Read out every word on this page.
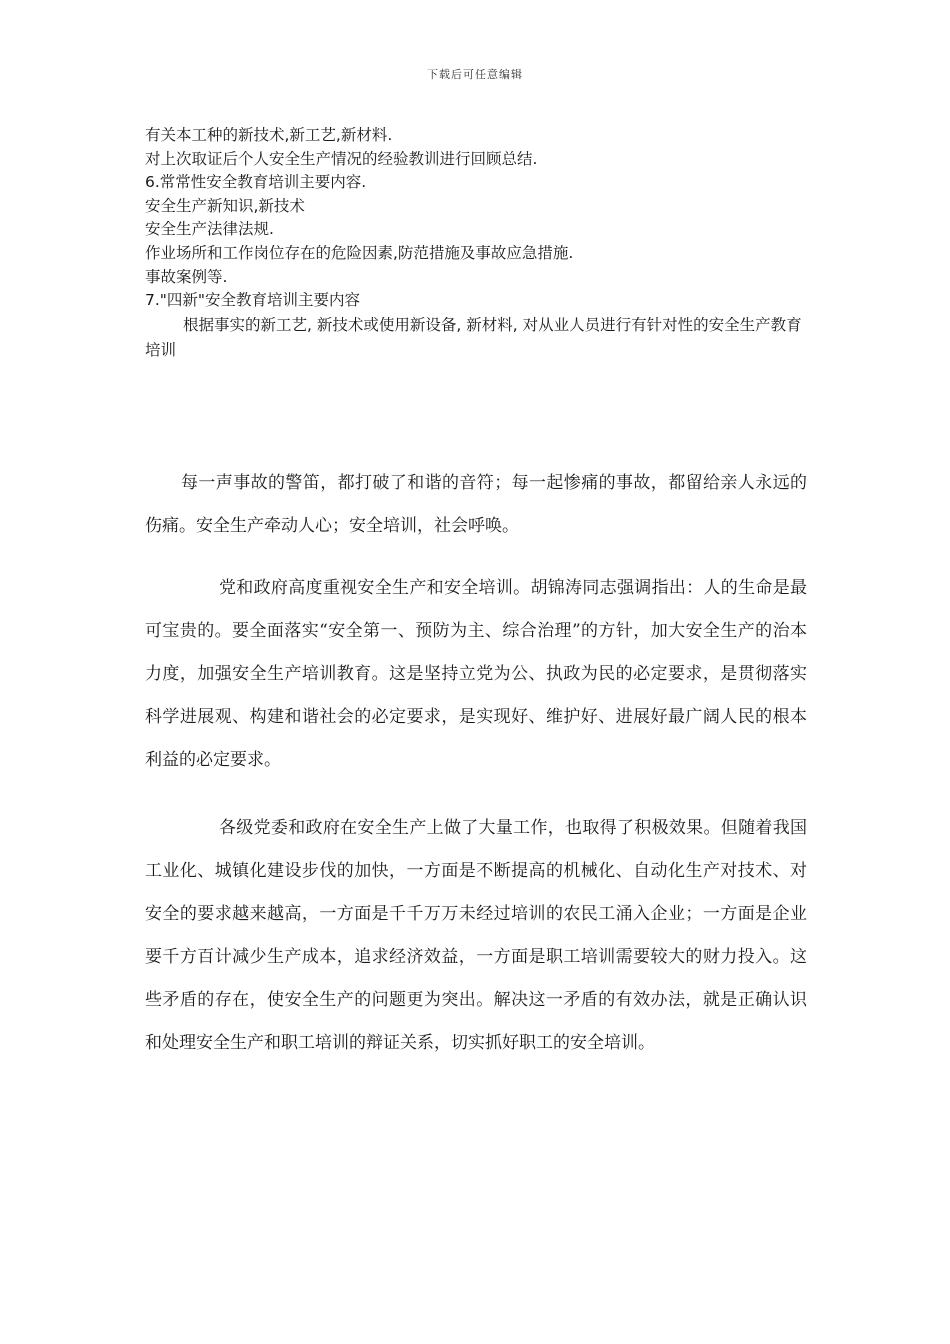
下载后可任意编辑
有关本工种的新技术,新工艺,新材料.
对上次取证后个人安全生产情况的经验教训进行回顾总结.
6.常常性安全教育培训主要内容.
安全生产新知识,新技术
安全生产法律法规.
作业场所和工作岗位存在的危险因素,防范措施及事故应急措施.
事故案例等.
7."四新"安全教育培训主要内容
根据事实的新工艺, 新技术或使用新设备, 新材料, 对从业人员进行有针对性的安全生产教育培训

每一声事故的警笛，都打破了和谐的音符；每一起惨痛的事故，都留给亲人永远的伤痛。安全生产牵动人心；安全培训，社会呼唤。

党和政府高度重视安全生产和安全培训。胡锦涛同志强调指出：人的生命是最可宝贵的。要全面落实“安全第一、预防为主、综合治理”的方针，加大安全生产的治本力度，加强安全生产培训教育。这是坚持立党为公、执政为民的必定要求，是贯彻落实科学进展观、构建和谐社会的必定要求，是实现好、维护好、进展好最广阔人民的根本利益的必定要求。

各级党委和政府在安全生产上做了大量工作，也取得了积极效果。但随着我国工业化、城镇化建设步伐的加快，一方面是不断提高的机械化、自动化生产对技术、对安全的要求越来越高，一方面是千千万万未经过培训的农民工涌入企业；一方面是企业要千方百计减少生产成本，追求经济效益，一方面是职工培训需要较大的财力投入。这些矛盾的存在，使安全生产的问题更为突出。解决这一矛盾的有效办法，就是正确认识和处理安全生产和职工培训的辩证关系，切实抓好职工的安全培训。
